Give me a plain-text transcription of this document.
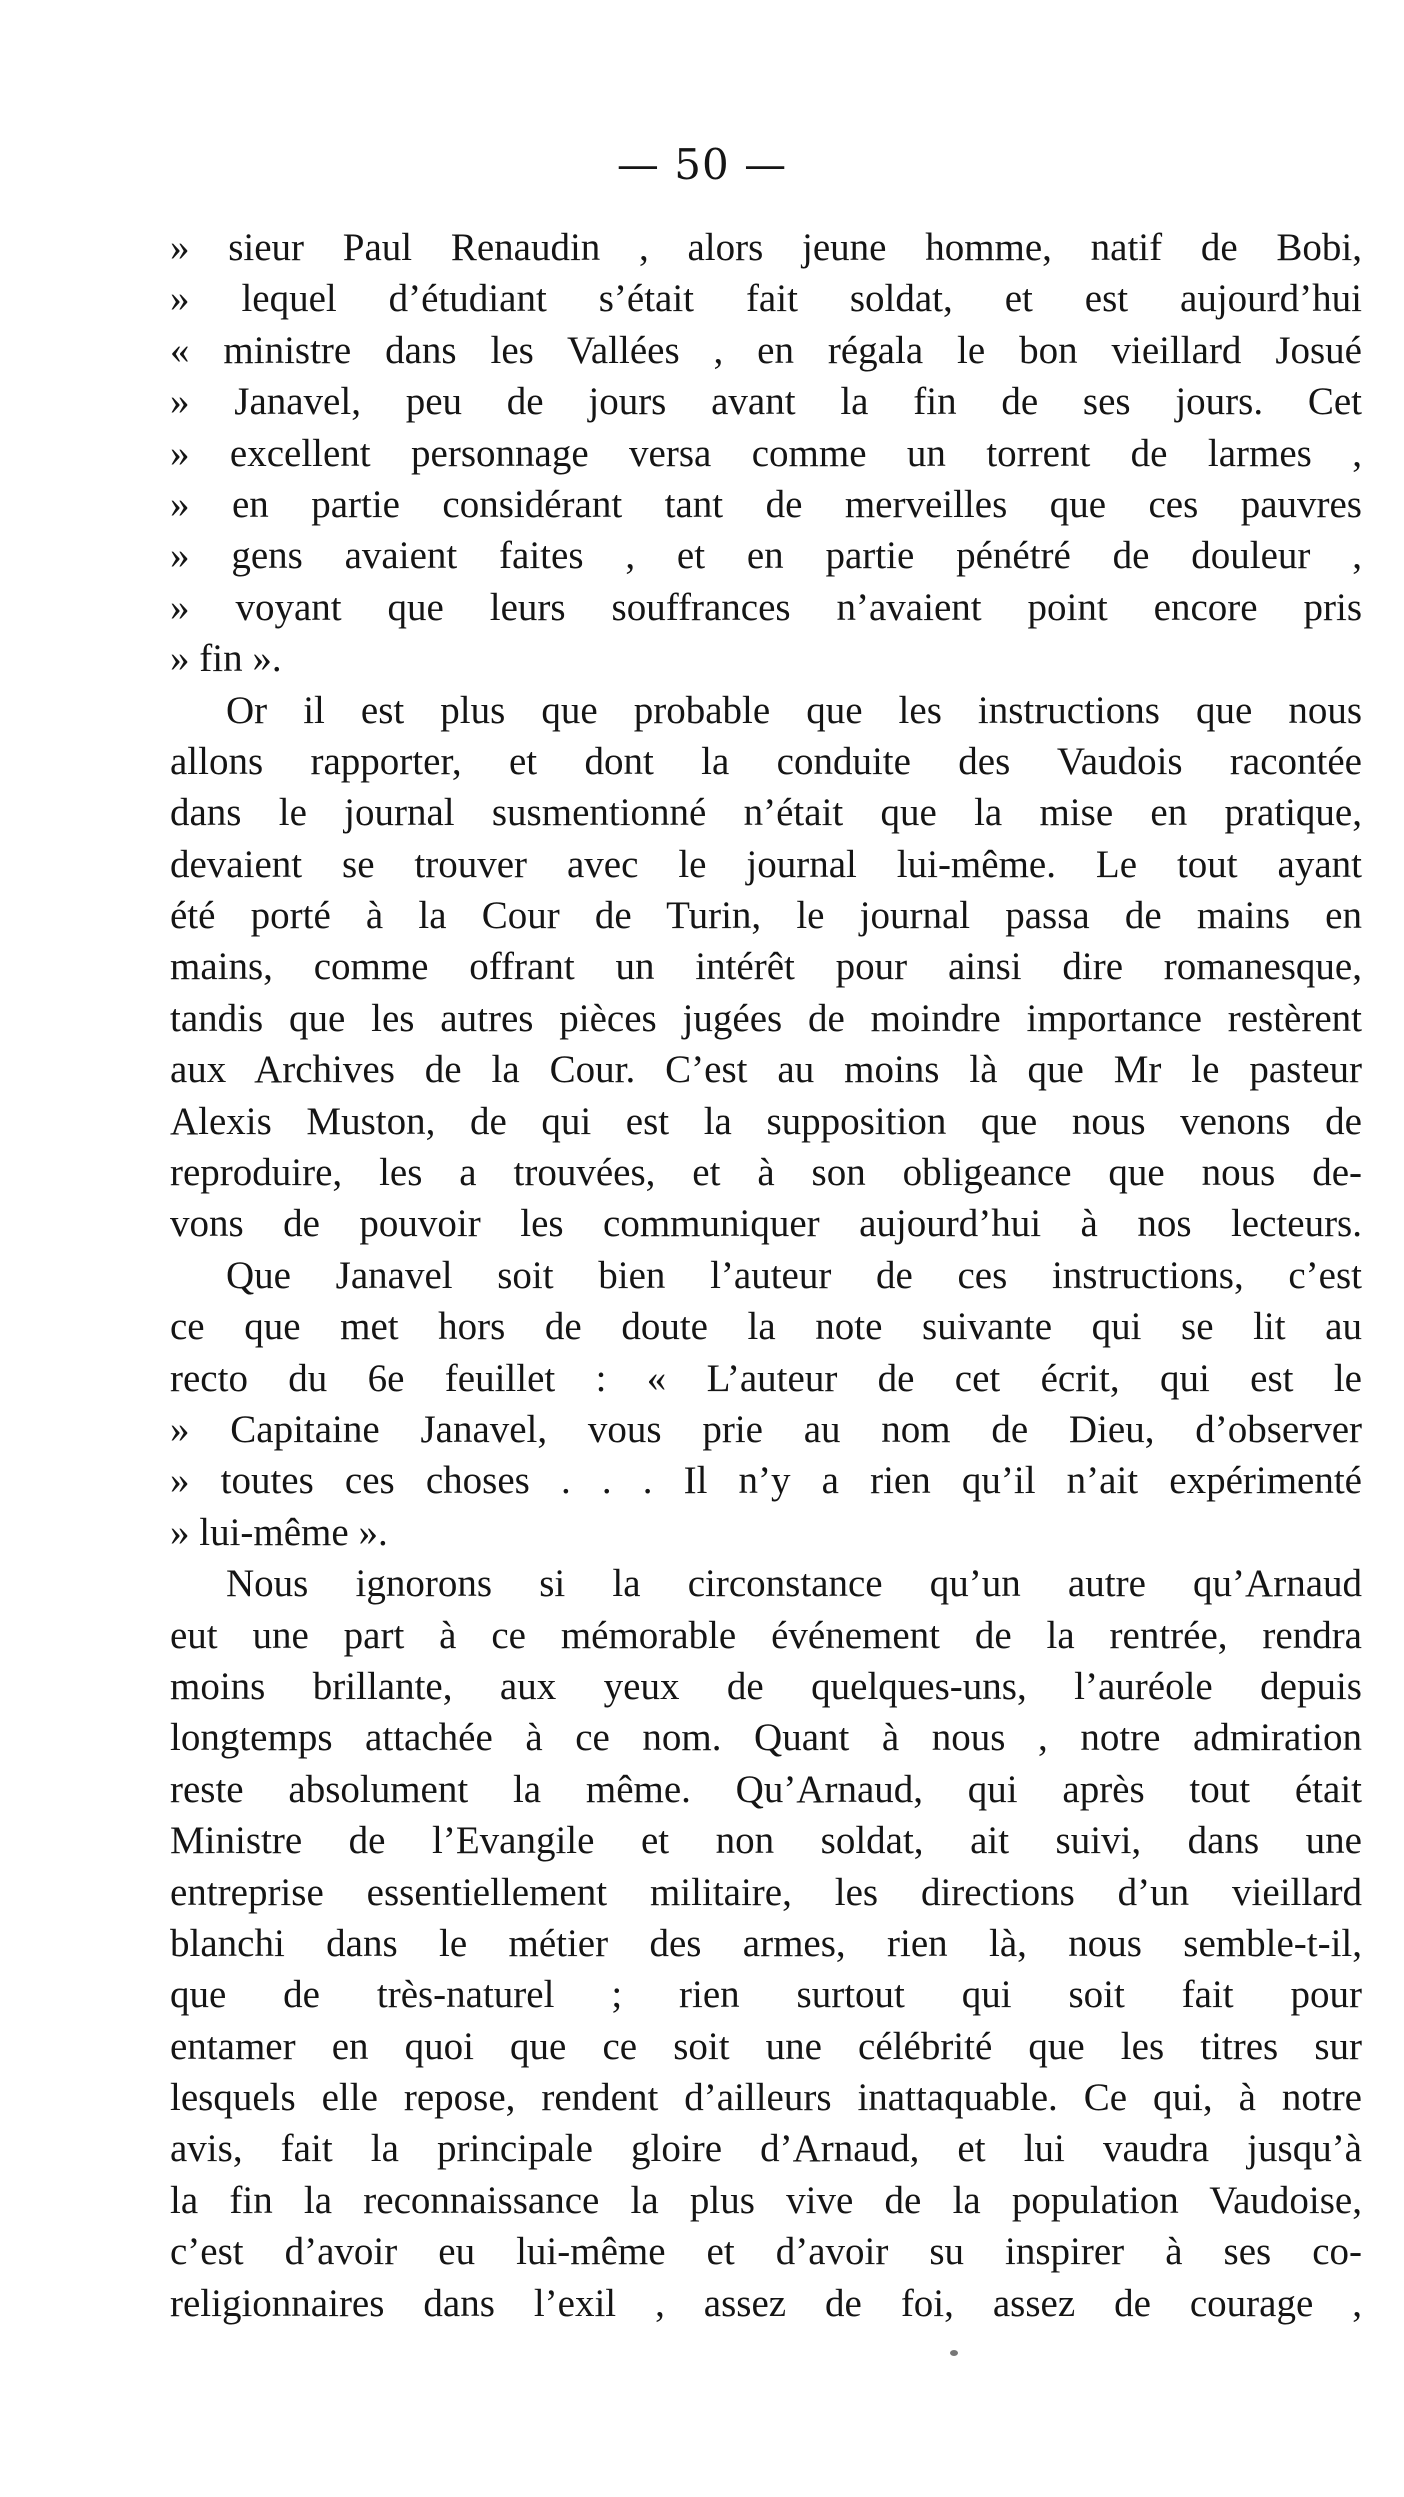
— 50 —
» sieur Paul Renaudin , alors jeune homme, natif de Bobi,
» lequel d’étudiant s’était fait soldat, et est aujourd’hui
« ministre dans les Vallées , en régala le bon vieillard Josué
» Janavel, peu de jours avant la fin de ses jours. Cet
» excellent personnage versa comme un torrent de larmes ,
» en partie considérant tant de merveilles que ces pauvres
» gens avaient faites , et en partie pénétré de douleur ,
» voyant que leurs souffrances n’avaient point encore pris
» fin ».
Or il est plus que probable que les instructions que nous
allons rapporter, et dont la conduite des Vaudois racontée
dans le journal susmentionné n’était que la mise en pratique,
devaient se trouver avec le journal lui-même. Le tout ayant
été porté à la Cour de Turin, le journal passa de mains en
mains, comme offrant un intérêt pour ainsi dire romanesque,
tandis que les autres pièces jugées de moindre importance restèrent
aux Archives de la Cour. C’est au moins là que Mr le pasteur
Alexis Muston, de qui est la supposition que nous venons de
reproduire, les a trouvées, et à son obligeance que nous de-
vons de pouvoir les communiquer aujourd’hui à nos lecteurs.
Que Janavel soit bien l’auteur de ces instructions, c’est
ce que met hors de doute la note suivante qui se lit au
recto du 6e feuillet : « L’auteur de cet écrit, qui est le
» Capitaine Janavel, vous prie au nom de Dieu, d’observer
» toutes ces choses . . . Il n’y a rien qu’il n’ait expérimenté
» lui-même ».
Nous ignorons si la circonstance qu’un autre qu’Arnaud
eut une part à ce mémorable événement de la rentrée, rendra
moins brillante, aux yeux de quelques-uns, l’auréole depuis
longtemps attachée à ce nom. Quant à nous , notre admiration
reste absolument la même. Qu’Arnaud, qui après tout était
Ministre de l’Evangile et non soldat, ait suivi, dans une
entreprise essentiellement militaire, les directions d’un vieillard
blanchi dans le métier des armes, rien là, nous semble-t-il,
que de très-naturel ; rien surtout qui soit fait pour
entamer en quoi que ce soit une célébrité que les titres sur
lesquels elle repose, rendent d’ailleurs inattaquable. Ce qui, à notre
avis, fait la principale gloire d’Arnaud, et lui vaudra jusqu’à
la fin la reconnaissance la plus vive de la population Vaudoise,
c’est d’avoir eu lui-même et d’avoir su inspirer à ses co-
religionnaires dans l’exil , assez de foi, assez de courage ,
